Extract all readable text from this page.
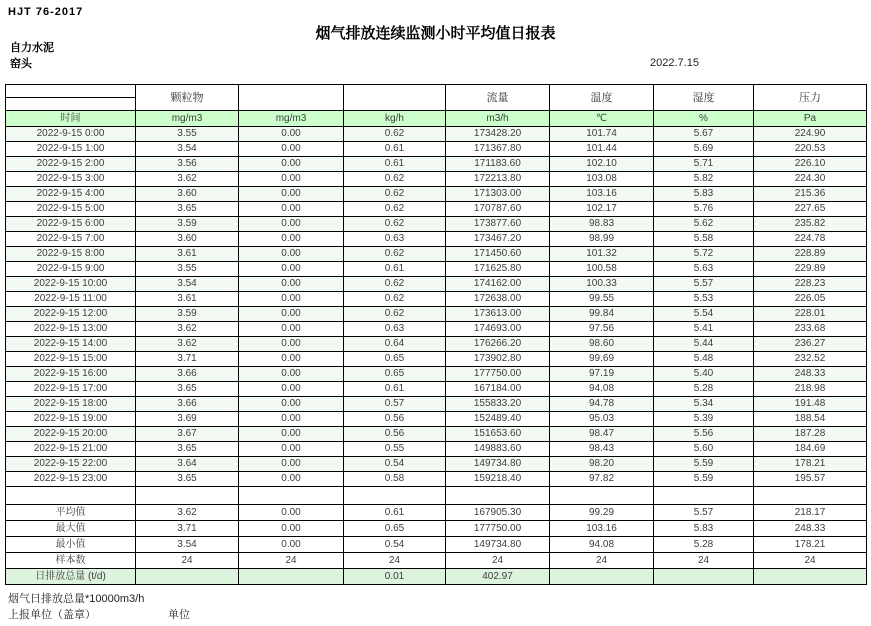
HJT 76-2017
烟气排放连续监测小时平均值日报表
自力水泥
窑头	2022.7.15
	颗粒物			流量	温度	湿度	压力

时间	mg/m3	mg/m3	kg/h	m3/h	℃	%	Pa
2022-9-15 0:00	3.55	0.00	0.62	173428.20	101.74	5.67	224.90
2022-9-15 1:00	3.54	0.00	0.61	171367.80	101.44	5.69	220.53
2022-9-15 2:00	3.56	0.00	0.61	171183.60	102.10	5.71	226.10
2022-9-15 3:00	3.62	0.00	0.62	172213.80	103.08	5.82	224.30
2022-9-15 4:00	3.60	0.00	0.62	171303.00	103.16	5.83	215.36
2022-9-15 5:00	3.65	0.00	0.62	170787.60	102.17	5.76	227.65
2022-9-15 6:00	3.59	0.00	0.62	173877.60	98.83	5.62	235.82
2022-9-15 7:00	3.60	0.00	0.63	173467.20	98.99	5.58	224.78
2022-9-15 8:00	3.61	0.00	0.62	171450.60	101.32	5.72	228.89
2022-9-15 9:00	3.55	0.00	0.61	171625.80	100.58	5.63	229.89
2022-9-15 10:00	3.54	0.00	0.62	174162.00	100.33	5.57	228.23
2022-9-15 11:00	3.61	0.00	0.62	172638.00	99.55	5.53	226.05
2022-9-15 12:00	3.59	0.00	0.62	173613.00	99.84	5.54	228.01
2022-9-15 13:00	3.62	0.00	0.63	174693.00	97.56	5.41	233.68
2022-9-15 14:00	3.62	0.00	0.64	176266.20	98.60	5.44	236.27
2022-9-15 15:00	3.71	0.00	0.65	173902.80	99.69	5.48	232.52
2022-9-15 16:00	3.66	0.00	0.65	177750.00	97.19	5.40	248.33
2022-9-15 17:00	3.65	0.00	0.61	167184.00	94.08	5.28	218.98
2022-9-15 18:00	3.66	0.00	0.57	155833.20	94.78	5.34	191.48
2022-9-15 19:00	3.69	0.00	0.56	152489.40	95.03	5.39	188.54
2022-9-15 20:00	3.67	0.00	0.56	151653.60	98.47	5.56	187.28
2022-9-15 21:00	3.65	0.00	0.55	149883.60	98.43	5.60	184.69
2022-9-15 22:00	3.64	0.00	0.54	149734.80	98.20	5.59	178.21
2022-9-15 23:00	3.65	0.00	0.58	159218.40	97.82	5.59	195.57

平均值	3.62	0.00	0.61	167905.30	99.29	5.57	218.17
最大值	3.71	0.00	0.65	177750.00	103.16	5.83	248.33
最小值	3.54	0.00	0.54	149734.80	94.08	5.28	178.21
样本数	24	24	24	24	24	24	24
日排放总量 (t/d)			0.01	402.97			
烟气日排放总量*10000m3/h
上报单位（盖章）	单位
